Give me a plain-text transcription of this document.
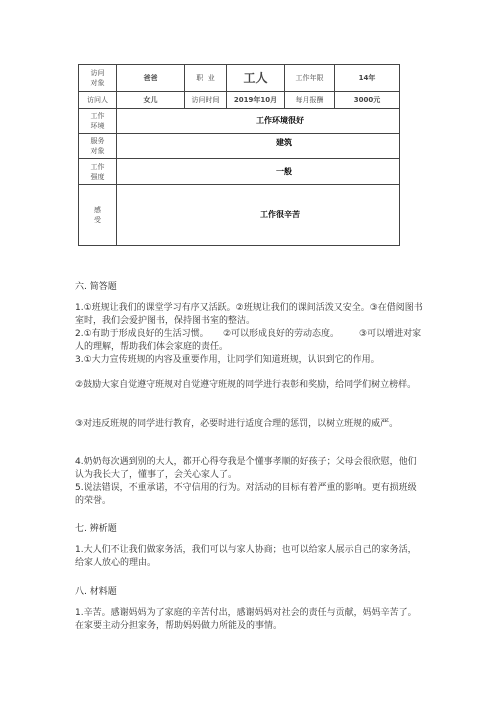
访问
对象	爸爸	职  业	工人	工作年限	14年
访问人	女儿	访问时间	2019年10月	每月报酬	3000元
工作
环境	工作环境很好				
服务
对象	建筑				
工作
强度	一般				
感
受	工作很辛苦				
六. 简答题
1.①班规让我们的课堂学习有序又活跃。②班规让我们的课间活泼又安全。③在借阅图书室时，我们会爱护图书，保持图书室的整洁。
2.①有助于形成良好的生活习惯。     ②可以形成良好的劳动态度。       ③可以增进对家人的理解，帮助我们体会家庭的责任。
3.①大力宣传班规的内容及重要作用，让同学们知道班规，认识到它的作用。
②鼓励大家自觉遵守班规对自觉遵守班规的同学进行表彰和奖励，给同学们树立榜样。
③对违反班规的同学进行教育，必要时进行适度合理的惩罚，以树立班规的威严。
4.奶奶每次遇到别的大人，都开心得夸我是个懂事孝顺的好孩子；父母会很欣慰，他们认为我长大了，懂事了，会关心家人了。
5.说法错误，不重承诺，不守信用的行为。对活动的目标有着严重的影响。更有损班级的荣誉。
七. 辨析题
1.大人们不让我们做家务活，我们可以与家人协商；也可以给家人展示自己的家务活，给家人放心的理由。
八. 材料题
1.辛苦。感谢妈妈为了家庭的辛苦付出，感谢妈妈对社会的责任与贡献，妈妈辛苦了。在家要主动分担家务，帮助妈妈做力所能及的事情。
